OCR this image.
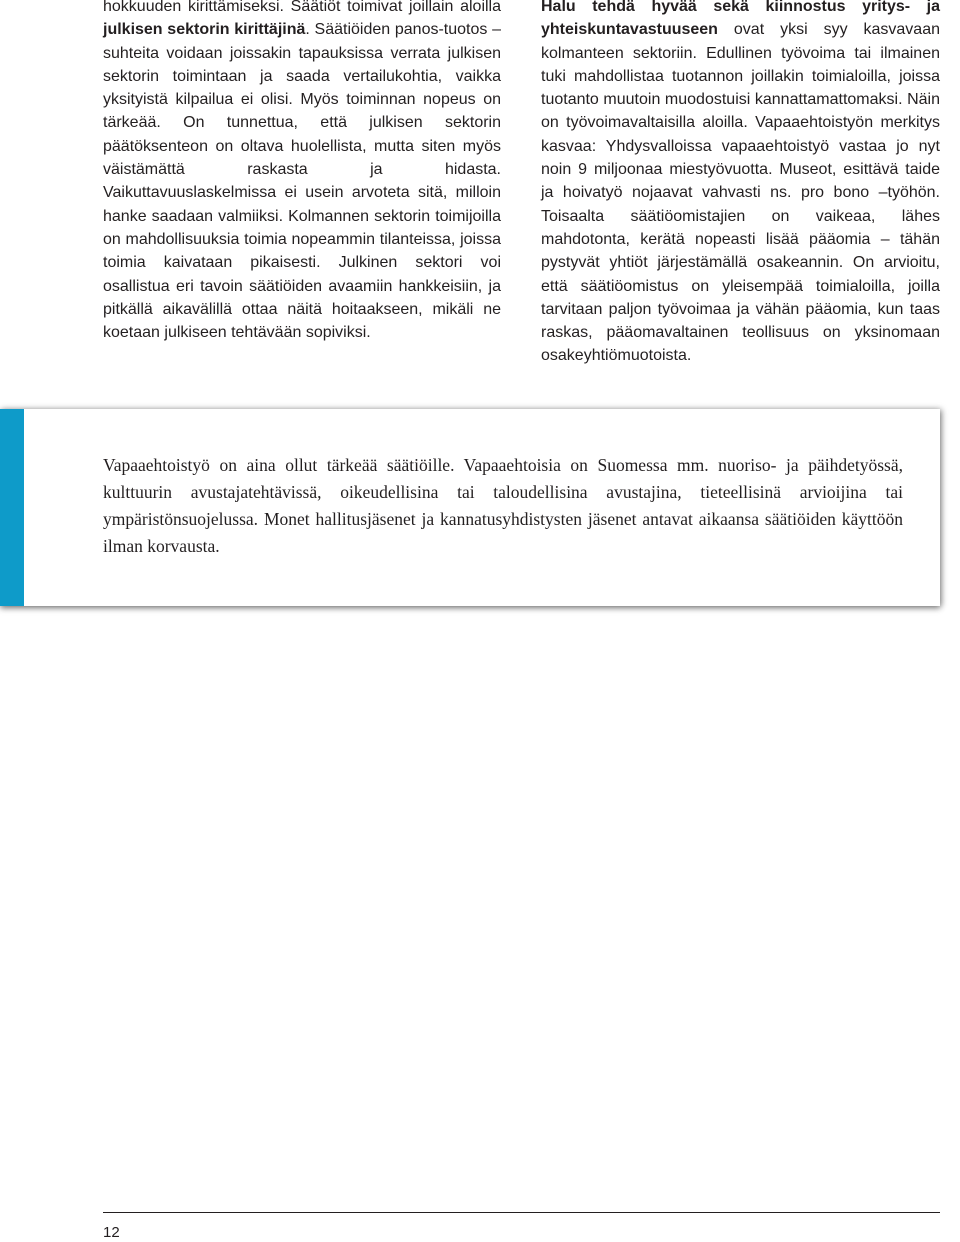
hokkuuden kirittämiseksi. Säätiöt toimivat joillain aloilla julkisen sektorin kirittäjinä. Säätiöiden panos-tuotos –suhteita voidaan joissakin tapauksissa verrata julkisen sektorin toimintaan ja saada vertailukohtia, vaikka yksityistä kilpailua ei olisi. Myös toiminnan nopeus on tärkeää. On tunnettua, että julkisen sektorin päätöksenteon on oltava huolellista, mutta siten myös väistämättä raskasta ja hidasta. Vaikuttavuuslaskelmissa ei usein arvoteta sitä, milloin hanke saadaan valmiiksi. Kolmannen sektorin toimijoilla on mahdollisuuksia toimia nopeammin tilanteissa, joissa toimia kaivataan pikaisesti. Julkinen sektori voi osallistua eri tavoin säätiöiden avaamiin hankkeisiin, ja pitkällä aikavälillä ottaa näitä hoitaakseen, mikäli ne koetaan julkiseen tehtävään sopiviksi.

Halu tehdä hyvää sekä kiinnostus yritys- ja yhteiskuntavastuuseen ovat yksi syy kasvavaan kolmanteen sektoriin. Edullinen työvoima tai ilmainen tuki mahdollistaa tuotannon joillakin toimialoilla, joissa tuotanto muutoin muodostuisi kannattamattomaksi. Näin on työvoimavaltaisilla aloilla. Vapaaehtoistyön merkitys kasvaa: Yhdysvalloissa vapaaehtoistyö vastaa jo nyt noin 9 miljoonaa miestyövuotta. Museot, esittävä taide ja hoivatyö nojaavat vahvasti ns. pro bono –työhön. Toisaalta säätiöomistajien on vaikeaa, lähes mahdotonta, kerätä nopeasti lisää pääomia – tähän pystyvät yhtiöt järjestämällä osakeannin. On arvioitu, että säätiöomistus on yleisempää toimialoilla, joilla tarvitaan paljon työvoimaa ja vähän pääomia, kun taas raskas, pääomavaltainen teollisuus on yksinomaan osakeyhtiömuotoista.

Vapaaehtoistyö on aina ollut tärkeää säätiöille. Vapaaehtoisia on Suomessa mm. nuoriso- ja päihdetyössä, kulttuurin avustajatehtävissä, oikeudellisina tai taloudellisina avustajina, tieteellisinä arvioijina tai ympäristönsuojelussa. Monet hallitusjäsenet ja kannatusyhdistysten jäsenet antavat aikaansa säätiöiden käyttöön ilman korvausta.
12
